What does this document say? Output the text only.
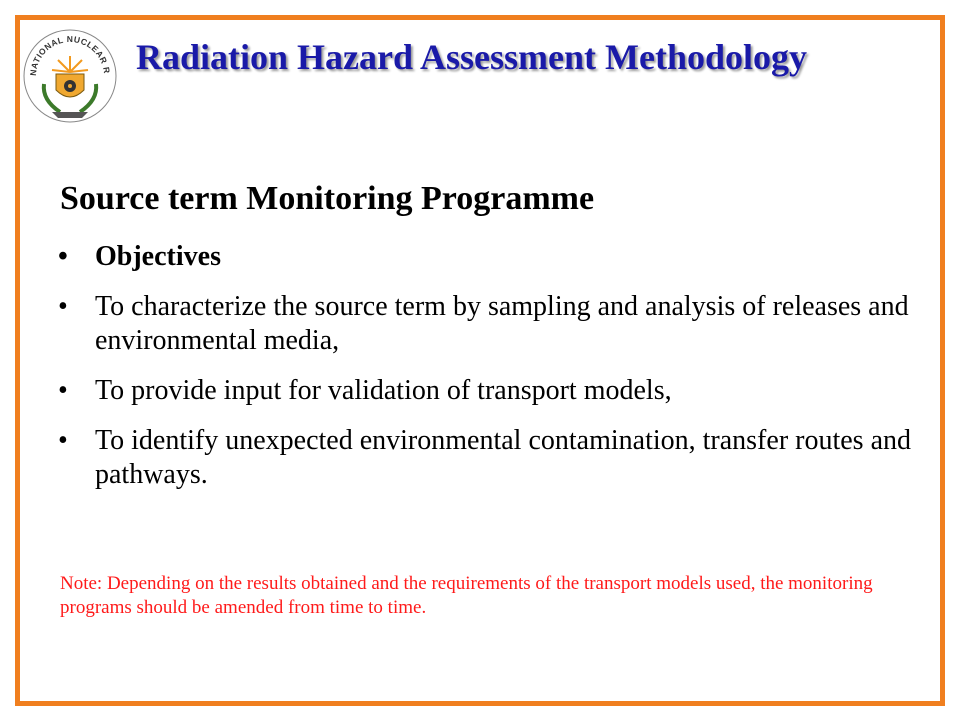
NATIONAL NUCLEAR R Radiation Hazard Assessment Methodology
Source term Monitoring Programme
• Objectives
• To characterize the source term by sampling and analysis of releases and environmental media,
• To provide input for validation of transport models,
• To identify unexpected environmental contamination, transfer routes and pathways.
Note: Depending on the results obtained and the requirements of the transport models used, the monitoring programs should be amended from time to time.
